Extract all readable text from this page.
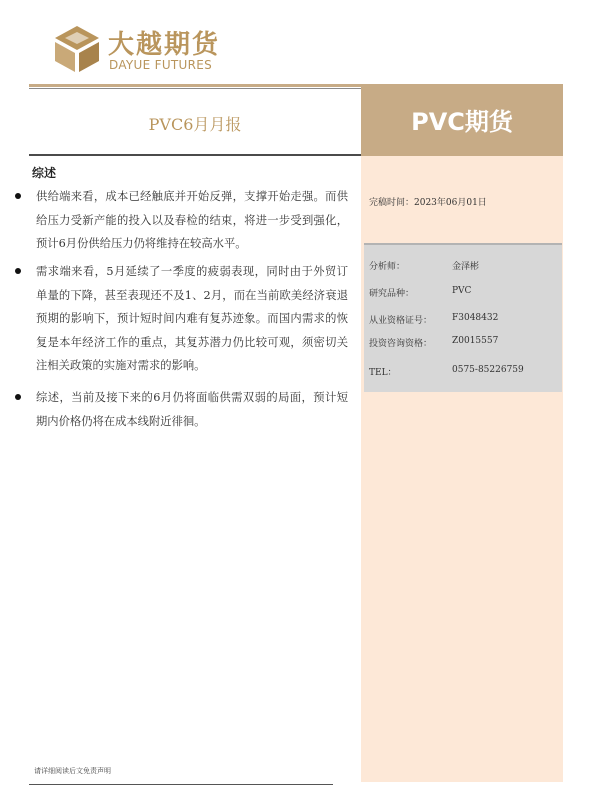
大越期货
DAYUE FUTURES
PVC6月月报	PVC期货
完稿时间：2023年06月01日
分析师：	金泽彬
研究品种：	PVC
从业资格证号： F3048432
投资咨询资格： Z0015557
TEL：	0575-85226759
综述
供给端来看，成本已经触底并开始反弹，支撑开始走强。而供给压力受新产能的投入以及春检的结束，将进一步受到强化，预计6月份供给压力仍将维持在较高水平。
需求端来看，5月延续了一季度的疲弱表现，同时由于外贸订单量的下降，甚至表现还不及1、2月，而在当前欧美经济衰退预期的影响下，预计短时间内难有复苏迹象。而国内需求的恢复是本年经济工作的重点，其复苏潜力仍比较可观，须密切关注相关政策的实施对需求的影响。
综述，当前及接下来的6月仍将面临供需双弱的局面，预计短期内价格仍将在成本线附近徘徊。
请详细阅读后文免责声明
